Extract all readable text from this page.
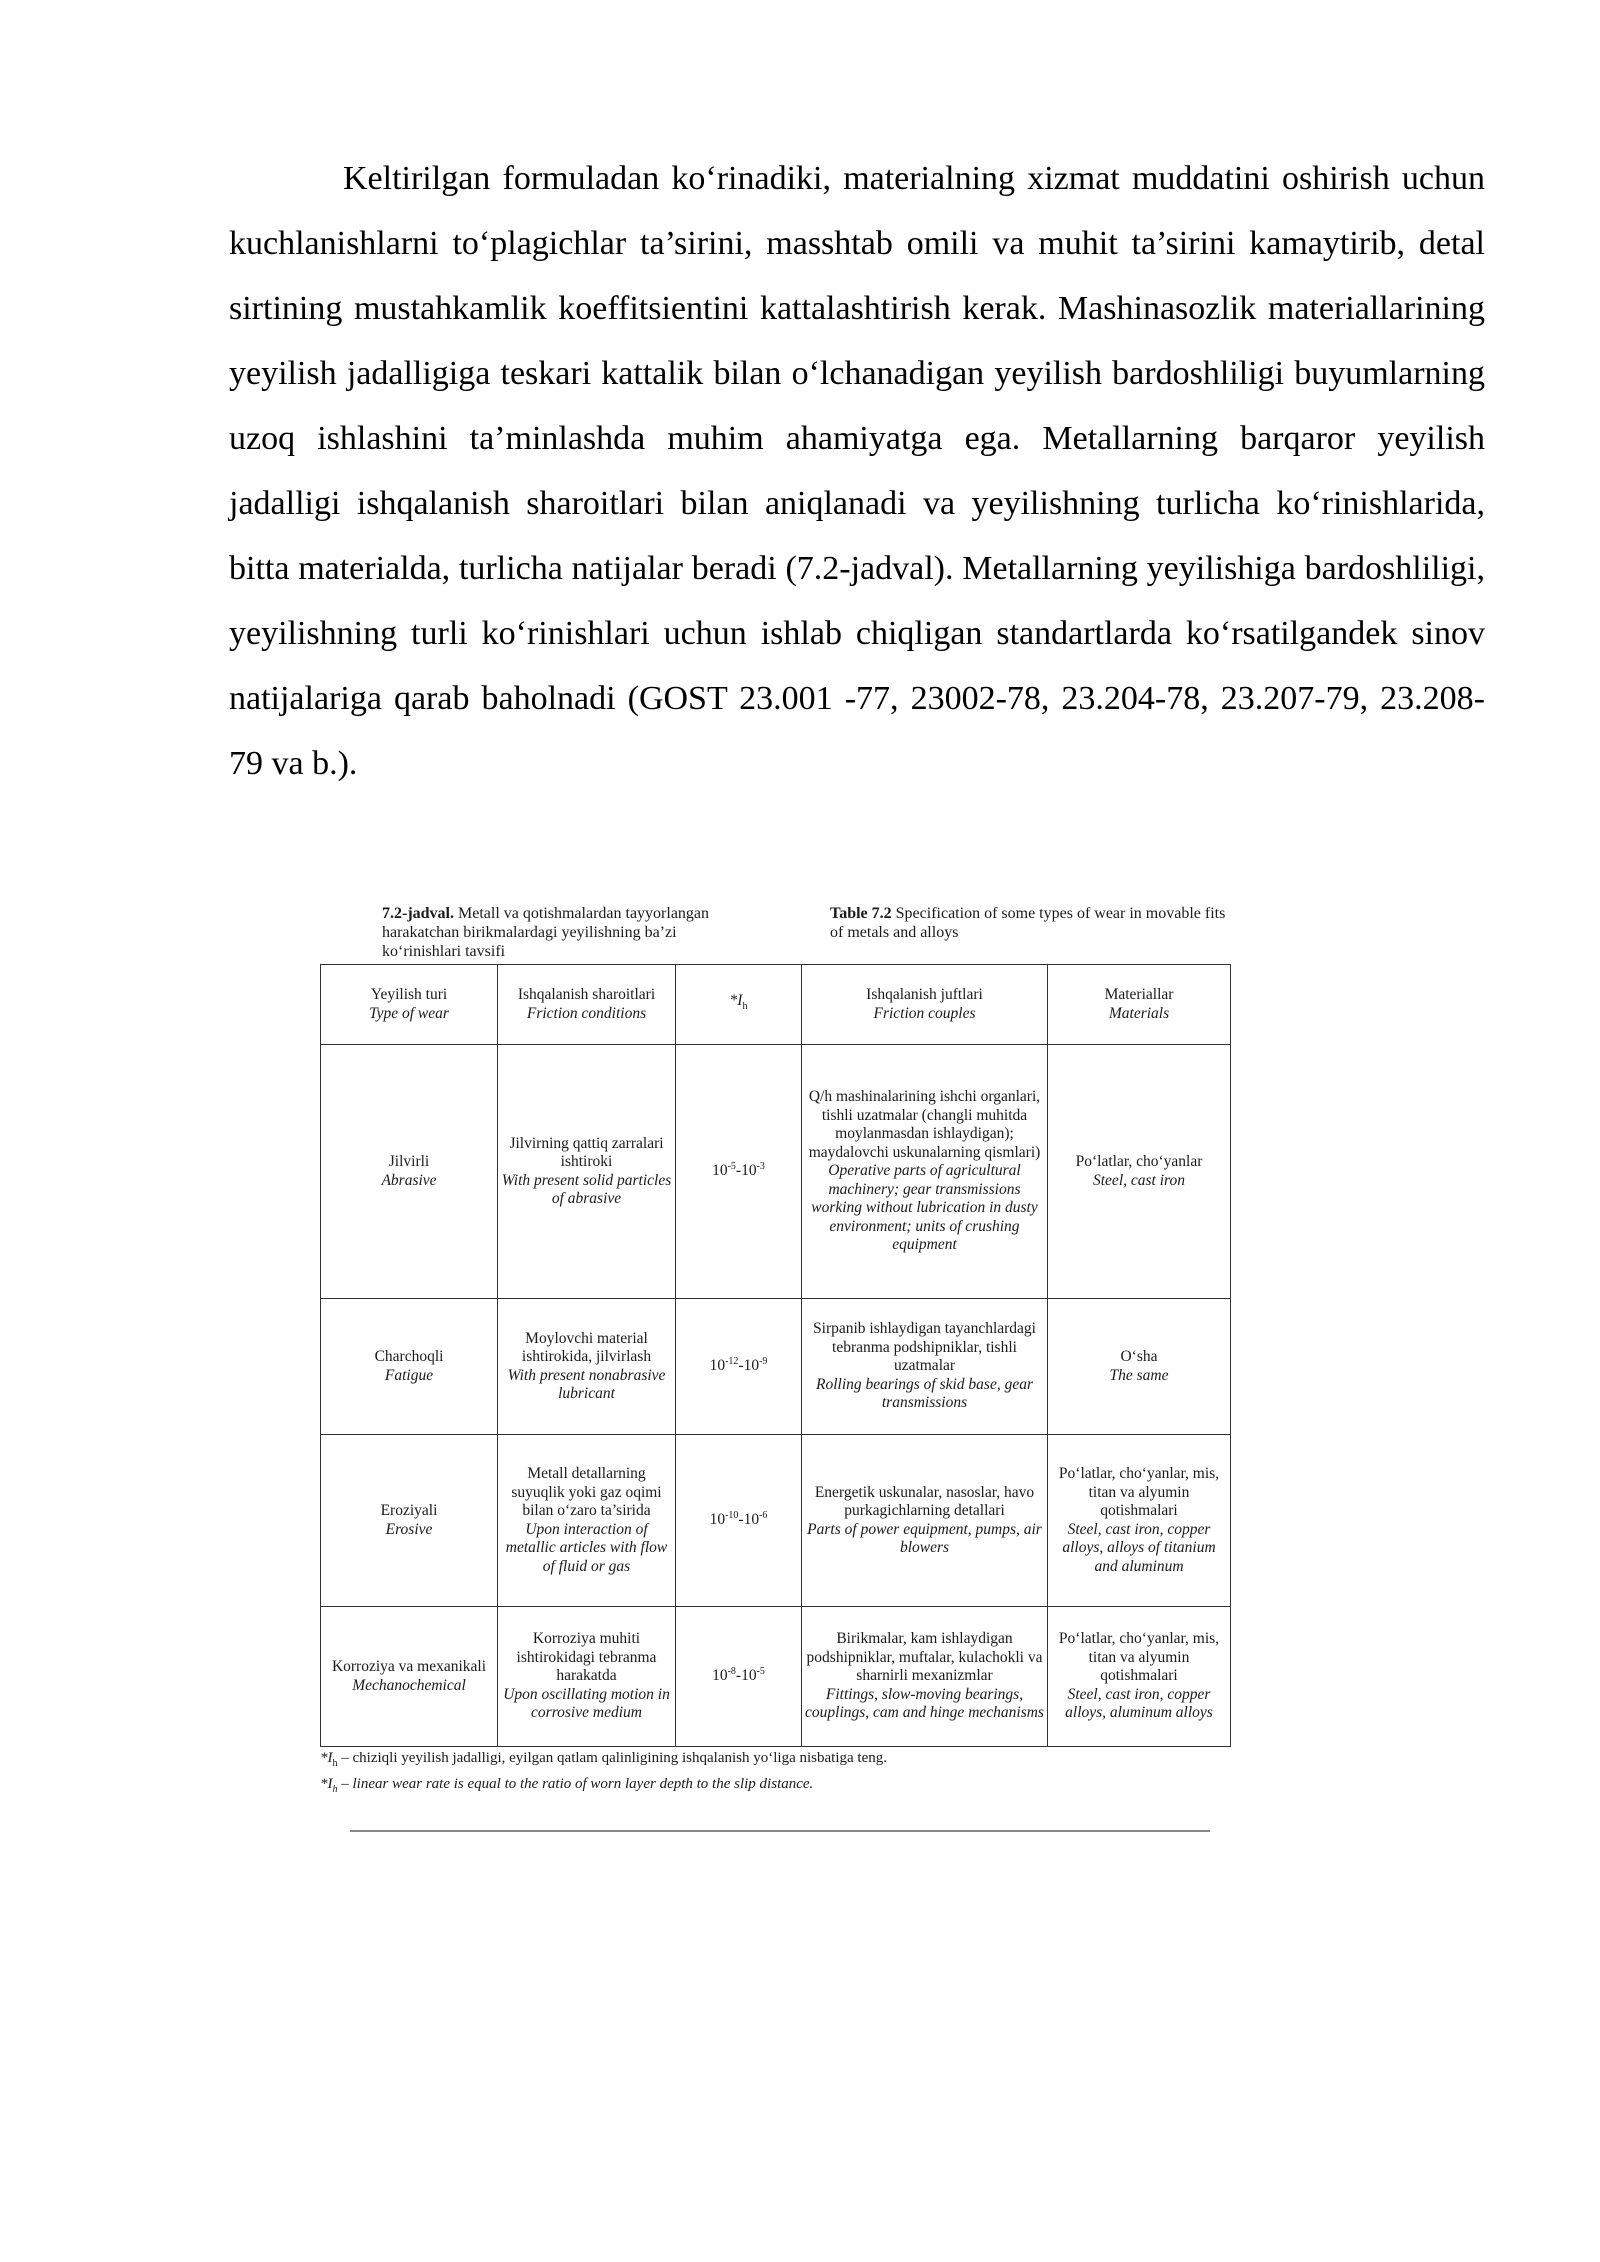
Keltirilgan formuladan ko‘rinadiki, materialning xizmat muddatini oshirish uchun kuchlanishlarni to‘plagichlar ta’sirini, masshtab omili va muhit ta’sirini kamaytirib, detal sirtining mustahkamlik koeffitsientini kattalashtirish kerak. Mashinasozlik materiallarining yeyilish jadalligiga teskari kattalik bilan o‘lchanadigan yeyilish bardoshliligi buyumlarning uzoq ishlashini ta’minlashda muhim ahamiyatga ega. Metallarning barqaror yeyilish jadalligi ishqalanish sharoitlari bilan aniqlanadi va yeyilishning turlicha ko‘rinishlarida, bitta materialda, turlicha natijalar beradi (7.2-jadval). Metallarning yeyilishiga bardoshliligi, yeyilishning turli ko‘rinishlari uchun ishlab chiqligan standartlarda ko‘rsatilgandek sinov natijalariga qarab baholnadi (GOST 23.001 -77, 23002-78, 23.204-78, 23.207-79, 23.208-79 va b.).

7.2-jadval. Metall va qotishmalardan tayyorlangan harakatchan birikmalardagi yeyilishning ba’zi ko‘rinishlari tavsifi
Table 7.2 Specification of some types of wear in movable fits of metals and alloys
Yeyilish turi
Type of wear	Ishqalanish sharoitlari
Friction conditions	$*I_h$	Ishqalanish juftlari
Friction couples	Materiallar
Materials

Jilvirli
Abrasive	Jilvirning qattiq zarralari ishtiroki
With present solid particles of abrasive	$10^{-5}-10^{-3}$	Q/h mashinalarining ishchi organlari, tishli uzatmalar (changli muhitda moylanmasdan ishlaydigan); maydalovchi uskunalarning qismlari)
Operative parts of agricultural machinery; gear transmissions working without lubrication in dusty environment; units of crushing equipment	Po‘latlar, cho‘yanlar
Steel, cast iron

Charchoqli
Fatigue	Moylovchi material ishtirokida, jilvirlash
With present nonabrasive lubricant	$10^{-12}-10^{-9}$	Sirpanib ishlaydigan tayanchlardagi tebranma podshipniklar, tishli uzatmalar
Rolling bearings of skid base, gear transmissions	O‘sha
The same

Eroziyali
Erosive	Metall detallarning suyuqlik yoki gaz oqimi bilan o‘zaro ta’sirida
Upon interaction of metallic articles with flow of fluid or gas	$10^{-10}-10^{-6}$	Energetik uskunalar, nasoslar, havo purkagichlarning detallari
Parts of power equipment, pumps, air blowers	Po‘latlar, cho‘yanlar, mis, titan va alyumin qotishmalari
Steel, cast iron, copper alloys, alloys of titanium and aluminum

Korroziya va mexanikali
Mechanochemical	Korroziya muhiti ishtirokidagi tebranma harakatda
Upon oscillating motion in corrosive medium	$10^{-8}-10^{-5}$	Birikmalar, kam ishlaydigan podshipniklar, muftalar, kulachokli va sharnirli mexanizmlar
Fittings, slow-moving bearings, couplings, cam and hinge mechanisms	Po‘latlar, cho‘yanlar, mis, titan va alyumin qotishmalari
Steel, cast iron, copper alloys, aluminum alloys
$*I_h$ – chiziqli yeyilish jadalligi, eyilgan qatlam qalinligining ishqalanish yo‘liga nisbatiga teng.
$*I_h$ – linear wear rate is equal to the ratio of worn layer depth to the slip distance.
